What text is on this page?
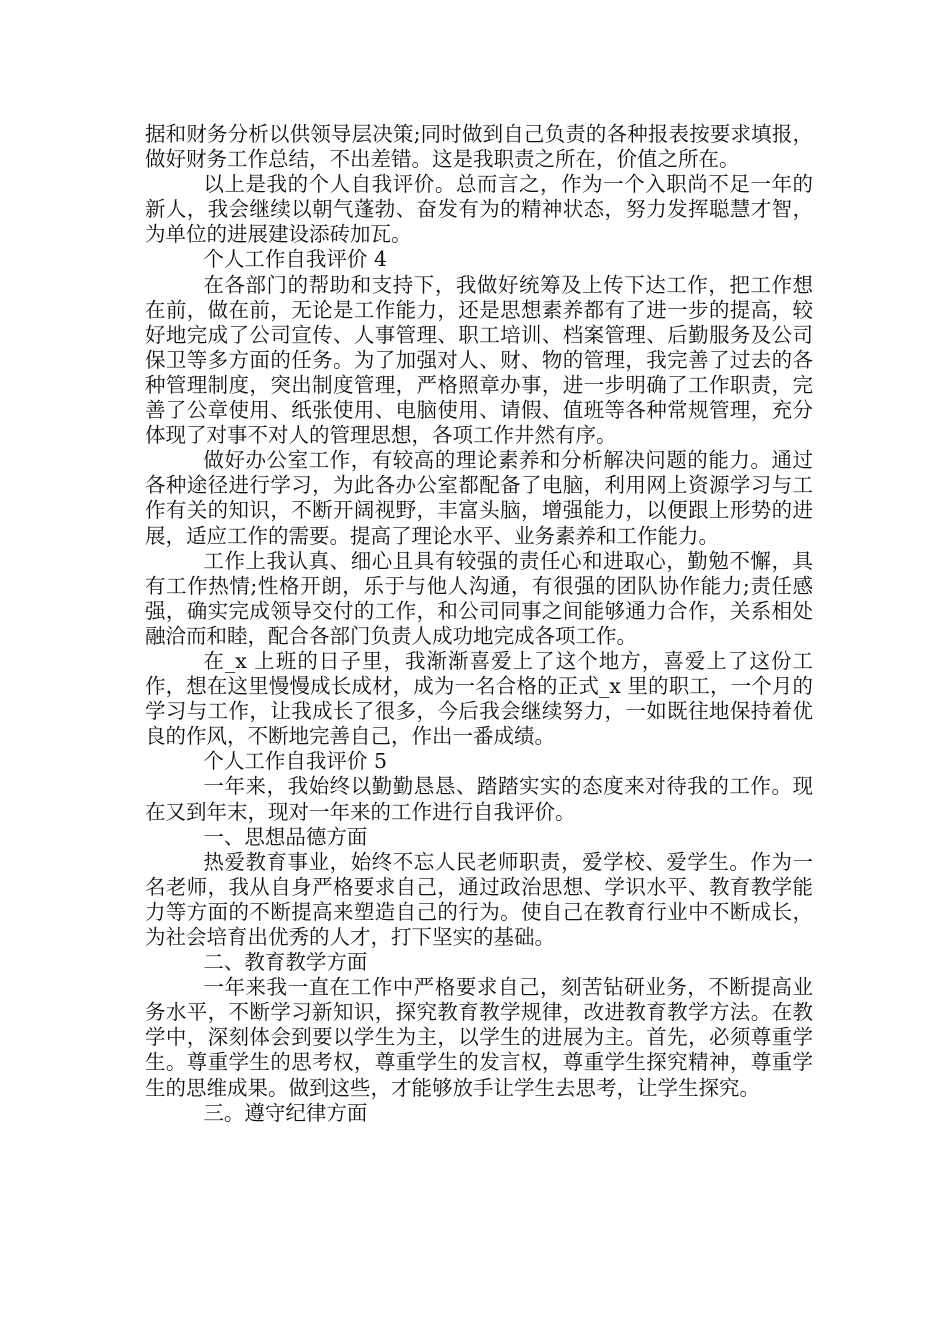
据和财务分析以供领导层决策;同时做到自己负责的各种报表按要求填报，做好财务工作总结，不出差错。这是我职责之所在，价值之所在。

以上是我的个人自我评价。总而言之，作为一个入职尚不足一年的新人，我会继续以朝气蓬勃、奋发有为的精神状态，努力发挥聪慧才智，为单位的进展建设添砖加瓦。

个人工作自我评价 4

在各部门的帮助和支持下，我做好统筹及上传下达工作，把工作想在前，做在前，无论是工作能力，还是思想素养都有了进一步的提高，较好地完成了公司宣传、人事管理、职工培训、档案管理、后勤服务及公司保卫等多方面的任务。为了加强对人、财、物的管理，我完善了过去的各种管理制度，突出制度管理，严格照章办事，进一步明确了工作职责，完善了公章使用、纸张使用、电脑使用、请假、值班等各种常规管理，充分体现了对事不对人的管理思想，各项工作井然有序。

做好办公室工作，有较高的理论素养和分析解决问题的能力。通过各种途径进行学习，为此各办公室都配备了电脑，利用网上资源学习与工作有关的知识，不断开阔视野，丰富头脑，增强能力，以便跟上形势的进展，适应工作的需要。提高了理论水平、业务素养和工作能力。

工作上我认真、细心且具有较强的责任心和进取心，勤勉不懈，具有工作热情;性格开朗，乐于与他人沟通，有很强的团队协作能力;责任感强，确实完成领导交付的工作，和公司同事之间能够通力合作，关系相处融洽而和睦，配合各部门负责人成功地完成各项工作。

在_x 上班的日子里，我渐渐喜爱上了这个地方，喜爱上了这份工作，想在这里慢慢成长成材，成为一名合格的正式_x 里的职工，一个月的学习与工作，让我成长了很多，今后我会继续努力，一如既往地保持着优良的作风，不断地完善自己，作出一番成绩。

个人工作自我评价 5

一年来，我始终以勤勤恳恳、踏踏实实的态度来对待我的工作。现在又到年末，现对一年来的工作进行自我评价。

一、思想品德方面

热爱教育事业，始终不忘人民老师职责，爱学校、爱学生。作为一名老师，我从自身严格要求自己，通过政治思想、学识水平、教育教学能力等方面的不断提高来塑造自己的行为。使自己在教育行业中不断成长，为社会培育出优秀的人才，打下坚实的基础。

二、教育教学方面

一年来我一直在工作中严格要求自己，刻苦钻研业务，不断提高业务水平，不断学习新知识，探究教育教学规律，改进教育教学方法。在教学中，深刻体会到要以学生为主，以学生的进展为主。首先，必须尊重学生。尊重学生的思考权，尊重学生的发言权，尊重学生探究精神，尊重学生的思维成果。做到这些，才能够放手让学生去思考，让学生探究。

三。遵守纪律方面
